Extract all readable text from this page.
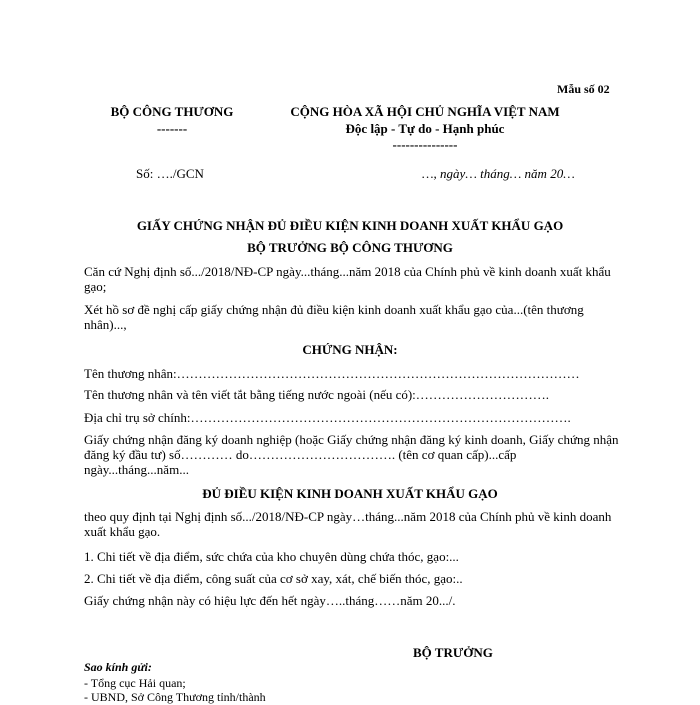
Mẫu số 02
BỘ CÔNG THƯƠNG
-------
CỘNG HÒA XÃ HỘI CHỦ NGHĨA VIỆT NAM
Độc lập - Tự do - Hạnh phúc
---------------
Số: …./GCN	…, ngày… tháng… năm 20…
GIẤY CHỨNG NHẬN ĐỦ ĐIỀU KIỆN KINH DOANH XUẤT KHẨU GẠO
BỘ TRƯỞNG BỘ CÔNG THƯƠNG
Căn cứ Nghị định số.../2018/NĐ-CP ngày...tháng...năm 2018 của Chính phủ về kinh doanh xuất khẩu gạo;
Xét hồ sơ đề nghị cấp giấy chứng nhận đủ điều kiện kinh doanh xuất khẩu gạo của...(tên thương nhân)...,
CHỨNG NHẬN:
Tên thương nhân:…………………………………………………………………………………
Tên thương nhân và tên viết tắt bằng tiếng nước ngoài (nếu có):………………………….
Địa chỉ trụ sở chính:…………………………………………………………………………….
Giấy chứng nhận đăng ký doanh nghiệp (hoặc Giấy chứng nhận đăng ký kinh doanh, Giấy chứng nhận đăng ký đầu tư) số………… do……………………………. (tên cơ quan cấp)...cấp ngày...tháng...năm...
ĐỦ ĐIỀU KIỆN KINH DOANH XUẤT KHẨU GẠO
theo quy định tại Nghị định số.../2018/NĐ-CP ngày…tháng...năm 2018 của Chính phủ về kinh doanh xuất khẩu gạo.
1. Chi tiết về địa điểm, sức chứa của kho chuyên dùng chứa thóc, gạo:...
2. Chi tiết về địa điểm, công suất của cơ sở xay, xát, chế biến thóc, gạo:..
Giấy chứng nhận này có hiệu lực đến hết ngày…..tháng……năm 20.../.
BỘ TRƯỞNG
Sao kính gửi:
- Tổng cục Hải quan;
- UBND, Sở Công Thương tỉnh/thành
